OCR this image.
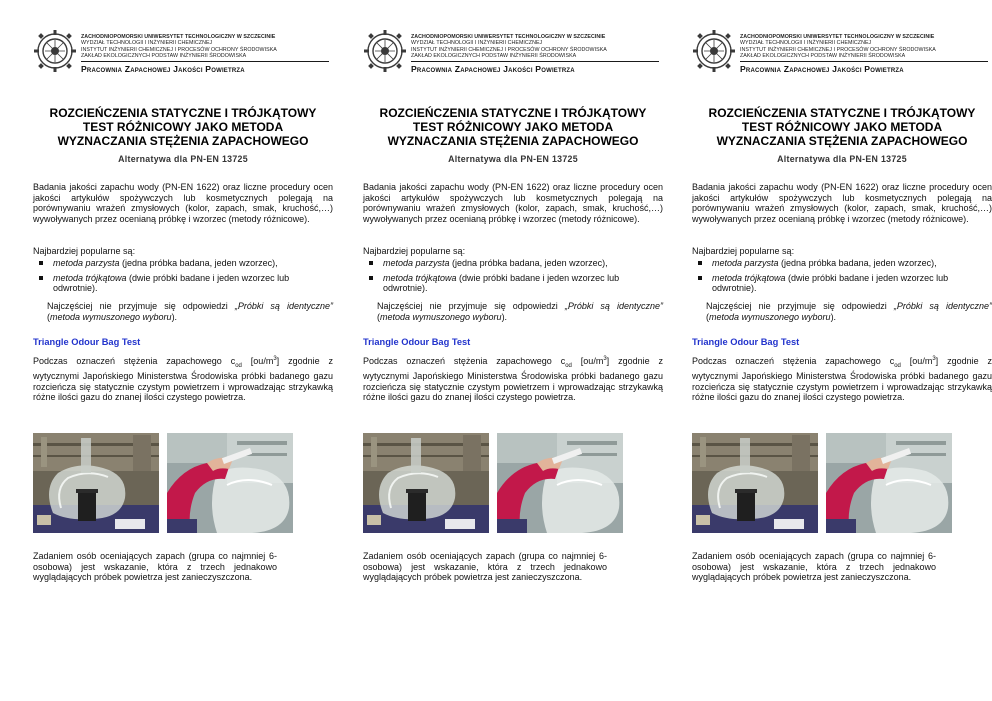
ZACHODNIOPOMORSKI UNIWERSYTET TECHNOLOGICZNY W SZCZECINIE
WYDZIAŁ TECHNOLOGII I INŻYNIERII CHEMICZNEJ
INSTYTUT INŻYNIERII CHEMICZNEJ I PROCESÓW OCHRONY ŚRODOWISKA
ZAKŁAD EKOLOGICZNYCH PODSTAW INŻYNIERII ŚRODOWISKA
Pracownia Zapachowej Jakości Powietrza
ROZCIEŃCZENIA STATYCZNE I TRÓJKĄTOWY
TEST RÓŻNICOWY JAKO METODA
WYZNACZANIA STĘŻENIA ZAPACHOWEGO
Alternatywa dla PN-EN 13725

Badania jakości zapachu wody (PN-EN 1622) oraz liczne procedury ocen jakości artykułów spożywczych lub kosmetycznych polegają na porównywaniu wrażeń zmysłowych (kolor, zapach, smak, kruchość,…) wywoływanych przez ocenianą próbkę i wzorzec (metody różnicowe).

Najbardziej popularne są:

metoda parzysta (jedna próbka badana, jeden wzorzec),
metoda trójkątowa (dwie próbki badane i jeden wzorzec lub odwrotnie).

Najczęściej nie przyjmuje się odpowiedzi „Próbki są identyczne” (metoda wymuszonego wyboru).

Triangle Odour Bag Test

Podczas oznaczeń stężenia zapachowego $c_{od}$ $[ou/m^3]$ zgodnie z wytycznymi Japońskiego Ministerstwa Środowiska próbki badanego gazu rozcieńcza się statycznie czystym powietrzem i wprowadzając strzykawką różne ilości gazu do znanej ilości czystego powietrza.

Zadaniem osób oceniających zapach (grupa co najmniej 6-osobowa) jest wskazanie, która z trzech jednakowo wyglądających próbek powietrza jest zanieczyszczona.

ZACHODNIOPOMORSKI UNIWERSYTET TECHNOLOGICZNY W SZCZECINIE
WYDZIAŁ TECHNOLOGII I INŻYNIERII CHEMICZNEJ
INSTYTUT INŻYNIERII CHEMICZNEJ I PROCESÓW OCHRONY ŚRODOWISKA
ZAKŁAD EKOLOGICZNYCH PODSTAW INŻYNIERII ŚRODOWISKA
Pracownia Zapachowej Jakości Powietrza
ROZCIEŃCZENIA STATYCZNE I TRÓJKĄTOWY
TEST RÓŻNICOWY JAKO METODA
WYZNACZANIA STĘŻENIA ZAPACHOWEGO
Alternatywa dla PN-EN 13725

Badania jakości zapachu wody (PN-EN 1622) oraz liczne procedury ocen jakości artykułów spożywczych lub kosmetycznych polegają na porównywaniu wrażeń zmysłowych (kolor, zapach, smak, kruchość,…) wywoływanych przez ocenianą próbkę i wzorzec (metody różnicowe).

Najbardziej popularne są:

metoda parzysta (jedna próbka badana, jeden wzorzec),
metoda trójkątowa (dwie próbki badane i jeden wzorzec lub odwrotnie).

Najczęściej nie przyjmuje się odpowiedzi „Próbki są identyczne” (metoda wymuszonego wyboru).

Triangle Odour Bag Test

Podczas oznaczeń stężenia zapachowego $c_{od}$ $[ou/m^3]$ zgodnie z wytycznymi Japońskiego Ministerstwa Środowiska próbki badanego gazu rozcieńcza się statycznie czystym powietrzem i wprowadzając strzykawką różne ilości gazu do znanej ilości czystego powietrza.

Zadaniem osób oceniających zapach (grupa co najmniej 6-osobowa) jest wskazanie, która z trzech jednakowo wyglądających próbek powietrza jest zanieczyszczona.

ZACHODNIOPOMORSKI UNIWERSYTET TECHNOLOGICZNY W SZCZECINIE
WYDZIAŁ TECHNOLOGII I INŻYNIERII CHEMICZNEJ
INSTYTUT INŻYNIERII CHEMICZNEJ I PROCESÓW OCHRONY ŚRODOWISKA
ZAKŁAD EKOLOGICZNYCH PODSTAW INŻYNIERII ŚRODOWISKA
Pracownia Zapachowej Jakości Powietrza
ROZCIEŃCZENIA STATYCZNE I TRÓJKĄTOWY
TEST RÓŻNICOWY JAKO METODA
WYZNACZANIA STĘŻENIA ZAPACHOWEGO
Alternatywa dla PN-EN 13725

Badania jakości zapachu wody (PN-EN 1622) oraz liczne procedury ocen jakości artykułów spożywczych lub kosmetycznych polegają na porównywaniu wrażeń zmysłowych (kolor, zapach, smak, kruchość,…) wywoływanych przez ocenianą próbkę i wzorzec (metody różnicowe).

Najbardziej popularne są:

metoda parzysta (jedna próbka badana, jeden wzorzec),
metoda trójkątowa (dwie próbki badane i jeden wzorzec lub odwrotnie).

Najczęściej nie przyjmuje się odpowiedzi „Próbki są identyczne” (metoda wymuszonego wyboru).

Triangle Odour Bag Test

Podczas oznaczeń stężenia zapachowego $c_{od}$ $[ou/m^3]$ zgodnie z wytycznymi Japońskiego Ministerstwa Środowiska próbki badanego gazu rozcieńcza się statycznie czystym powietrzem i wprowadzając strzykawką różne ilości gazu do znanej ilości czystego powietrza.

Zadaniem osób oceniających zapach (grupa co najmniej 6-osobowa) jest wskazanie, która z trzech jednakowo wyglądających próbek powietrza jest zanieczyszczona.
